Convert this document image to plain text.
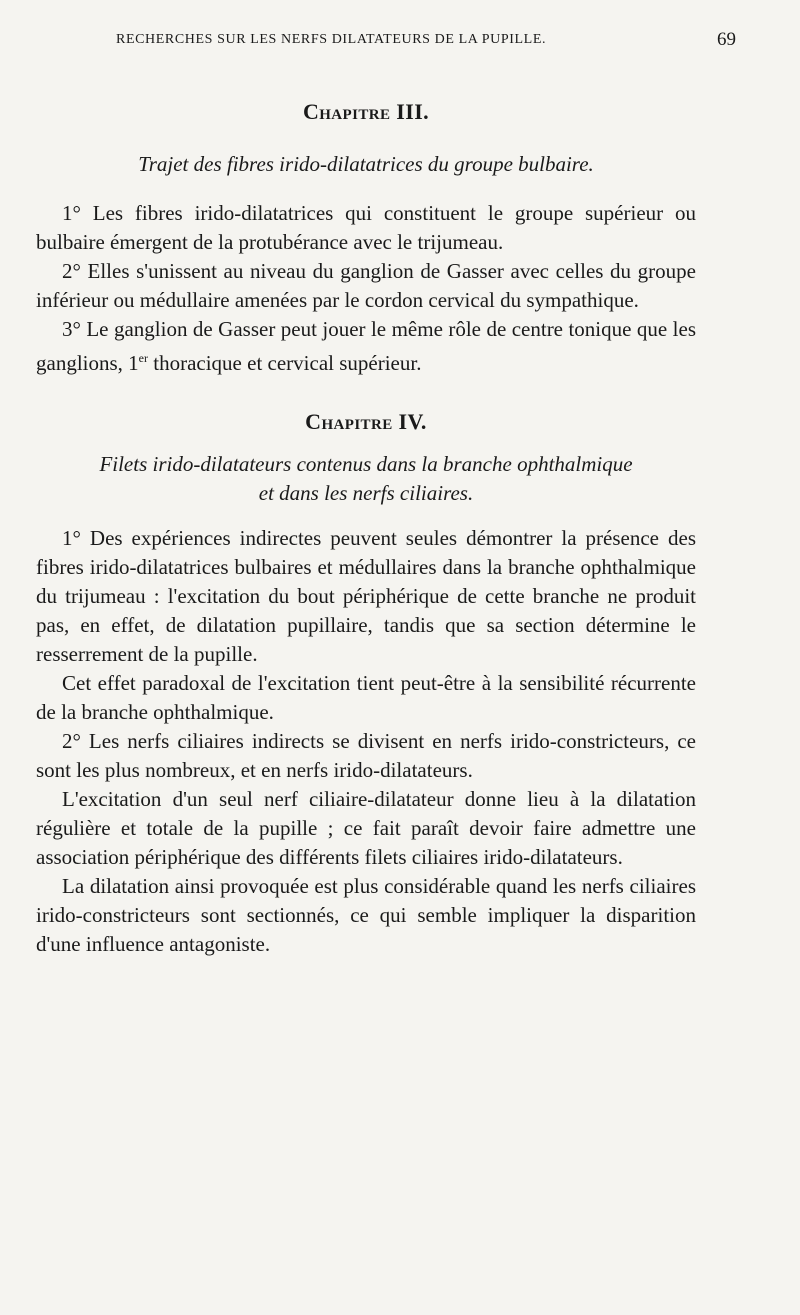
RECHERCHES SUR LES NERFS DILATATEURS DE LA PUPILLE.	69
Chapitre III.

Trajet des fibres irido-dilatatrices du groupe bulbaire.

1° Les fibres irido-dilatatrices qui constituent le groupe supérieur ou bulbaire émergent de la protubérance avec le trijumeau.

2° Elles s'unissent au niveau du ganglion de Gasser avec celles du groupe inférieur ou médullaire amenées par le cordon cervical du sympathique.

3° Le ganglion de Gasser peut jouer le même rôle de centre tonique que les ganglions, 1er thoracique et cervical supérieur.

Chapitre IV.

Filets irido-dilatateurs contenus dans la branche ophthalmique

et dans les nerfs ciliaires.

1° Des expériences indirectes peuvent seules démontrer la présence des fibres irido-dilatatrices bulbaires et médullaires dans la branche ophthalmique du trijumeau : l'excitation du bout périphérique de cette branche ne produit pas, en effet, de dilatation pupillaire, tandis que sa section détermine le resserrement de la pupille.

Cet effet paradoxal de l'excitation tient peut-être à la sensibilité récurrente de la branche ophthalmique.

2° Les nerfs ciliaires indirects se divisent en nerfs irido-constricteurs, ce sont les plus nombreux, et en nerfs irido-dilatateurs.

L'excitation d'un seul nerf ciliaire-dilatateur donne lieu à la dilatation régulière et totale de la pupille ; ce fait paraît devoir faire admettre une association périphérique des différents filets ciliaires irido-dilatateurs.

La dilatation ainsi provoquée est plus considérable quand les nerfs ciliaires irido-constricteurs sont sectionnés, ce qui semble impliquer la disparition d'une influence antagoniste.
